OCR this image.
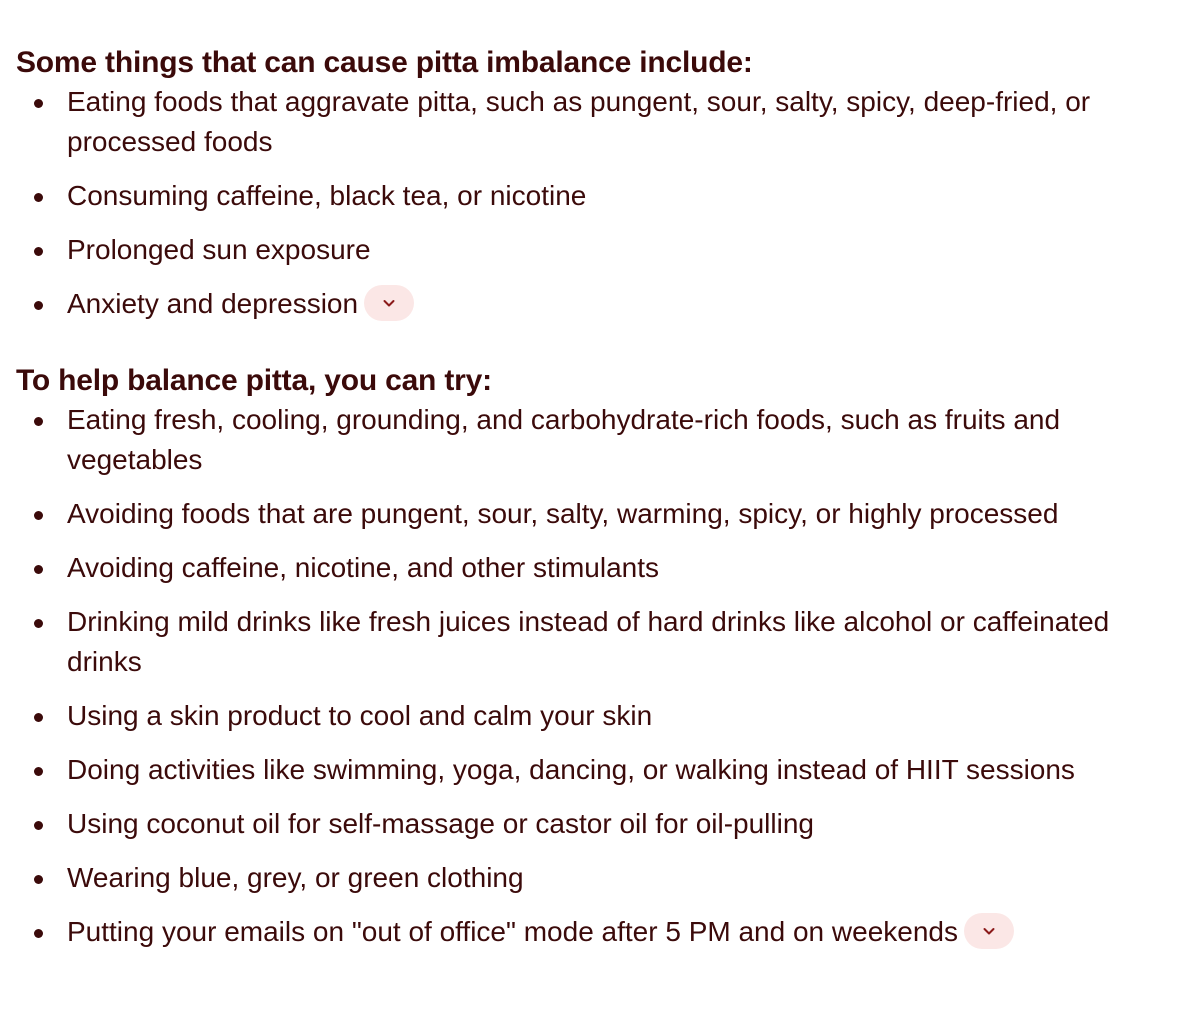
Some things that can cause pitta imbalance include:
Eating foods that aggravate pitta, such as pungent, sour, salty, spicy, deep-fried, or processed foods
Consuming caffeine, black tea, or nicotine
Prolonged sun exposure
Anxiety and depression
To help balance pitta, you can try:
Eating fresh, cooling, grounding, and carbohydrate-rich foods, such as fruits and vegetables
Avoiding foods that are pungent, sour, salty, warming, spicy, or highly processed
Avoiding caffeine, nicotine, and other stimulants
Drinking mild drinks like fresh juices instead of hard drinks like alcohol or caffeinated drinks
Using a skin product to cool and calm your skin
Doing activities like swimming, yoga, dancing, or walking instead of HIIT sessions
Using coconut oil for self-massage or castor oil for oil-pulling
Wearing blue, grey, or green clothing
Putting your emails on "out of office" mode after 5 PM and on weekends
